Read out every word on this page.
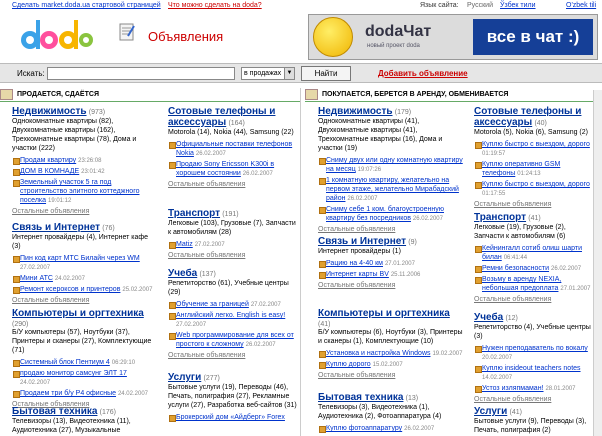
Сделать market.doda.ua стартовой страницей Что можно сделать на doda?	Язык сайта: Русский Ўзбек тили	O'zbek tili
Объявления	dodaЧат
новый проект doda	все в чат :)
Искать:	в продажах ▼	Найти	Добавить объявление
ПРОДАЕТСЯ, СДАЁТСЯ	ПОКУПАЕТСЯ, БЕРЕТСЯ В АРЕНДУ, ОБМЕНИВАЕТСЯ
Недвижимость (973)
Однокомнатные квартиры (82), Двухкомнатные квартиры (162), Трехкомнатные квартиры (78), Дома и участки (222)
Продам квартиру 23:26:08
ДОМ В КОМНАДЕ 23:01:42
Земельный участок 5 га под строительство элитного коттеджного поселка 19:01:12
Остальные объявления
Связь и Интернет (76)
Интернет провайдеры (4), Интернет кафе (3)
Пин код карт МТС Билайн через WM 27.02.2007
Мини АТС 24.02.2007
Ремонт ксероксов и принтеров 25.02.2007
Остальные объявления
Компьютеры и оргтехника (290)
Б/У компьютеры (57), Ноутбуки (37), Принтеры и сканеры (27), Комплектующие (71)
Системный блок Пентиум 4 06:29:10
продаю монитор самсунг ЭЛТ 17 24.02.2007
Продаем три б/у P4 офисные 24.02.2007
Остальные объявления
Бытовая техника (176)
Телевизоры (13), Видеотехника (11), Аудиотехника (27), Музыкальные
Сотовые телефоны и аксессуары (164)
Motorola (14), Nokia (44), Samsung (22)
Официальные поставки телефонов Nokia 26.02.2007
Продаю Sony Ericsson K300i в хорошем состоянии 26.02.2007
Остальные объявления
Транспорт (191)
Легковые (103), Грузовые (7), Запчасти к автомобилям (28)
Matiz 27.02.2007
Остальные объявления
Учеба (137)
Репетиторство (61), Учебные центры (29)
Обучение за границей 27.02.2007
Английский легко. English is easy! 27.02.2007
Web программирование для всех от простого к сложному 26.02.2007
Остальные объявления
Услуги (277)
Бытовые услуги (19), Переводы (46), Печать, полиграфия (27), Рекламные услуги (27), Разработка веб-сайтов (31)
Брокерский дом «Айдберг» Forex
Недвижимость (179)
Однокомнатные квартиры (41), Двухкомнатные квартиры (41), Трехкомнатные квартиры (16), Дома и участки (19)
Сниму двух или одну комнатную квартиру на месяц 19:07:26
1 комнатную квартиру, желательно на первом этаже, желательно Мирабадский район 26.02.2007
Сниму себе 1 ком. благоустроенную квартиру без посредников 26.02.2007
Остальные объявления
Связь и Интернет (9)
Интернет провайдеры (1)
Рацию на 4-40 км 27.01.2007
Интернет карты BV 25.11.2006
Остальные объявления
Компьютеры и оргтехника (41)
Б/У компьютеры (6), Ноутбуки (3), Принтеры и сканеры (1), Комплектующие (10)
Установка и настройка Windows 19.02.2007
Куплю дорого 15.02.2007
Остальные объявления
Бытовая техника (13)
Телевизоры (3), Видеотехника (1), Аудиотехника (2), Фотоаппаратура (4)
Куплю фотоаппаратуру 26.02.2007
Сотовые телефоны и аксессуары (40)
Motorola (5), Nokia (6), Samsung (2)
Куплю быстро с выездом, дорого 01:19:57
Куплю оперативно GSM телефоны 01:24:13
Куплю быстро с выездом, дорого 01:17:55
Остальные объявления
Транспорт (41)
Легковые (19), Грузовые (2), Запчасти к автомобилям (6)
Кейнингалл сотиб олиш шарти билан 06:41:44
Ремни безопасности 26.02.2007
Возьму в аренду NEXIA, небольшая предоплата 27.01.2007
Остальные объявления
Учеба (12)
Репетиторство (4), Учебные центры (3)
Нужен преподаватель по вокалу 20.02.2007
Куплю insideout teachers notes 14.02.2007
Устоз изляпмаман! 28.01.2007
Остальные объявления
Услуги (41)
Бытовые услуги (9), Переводы (3), Печать, полиграфия (2)
